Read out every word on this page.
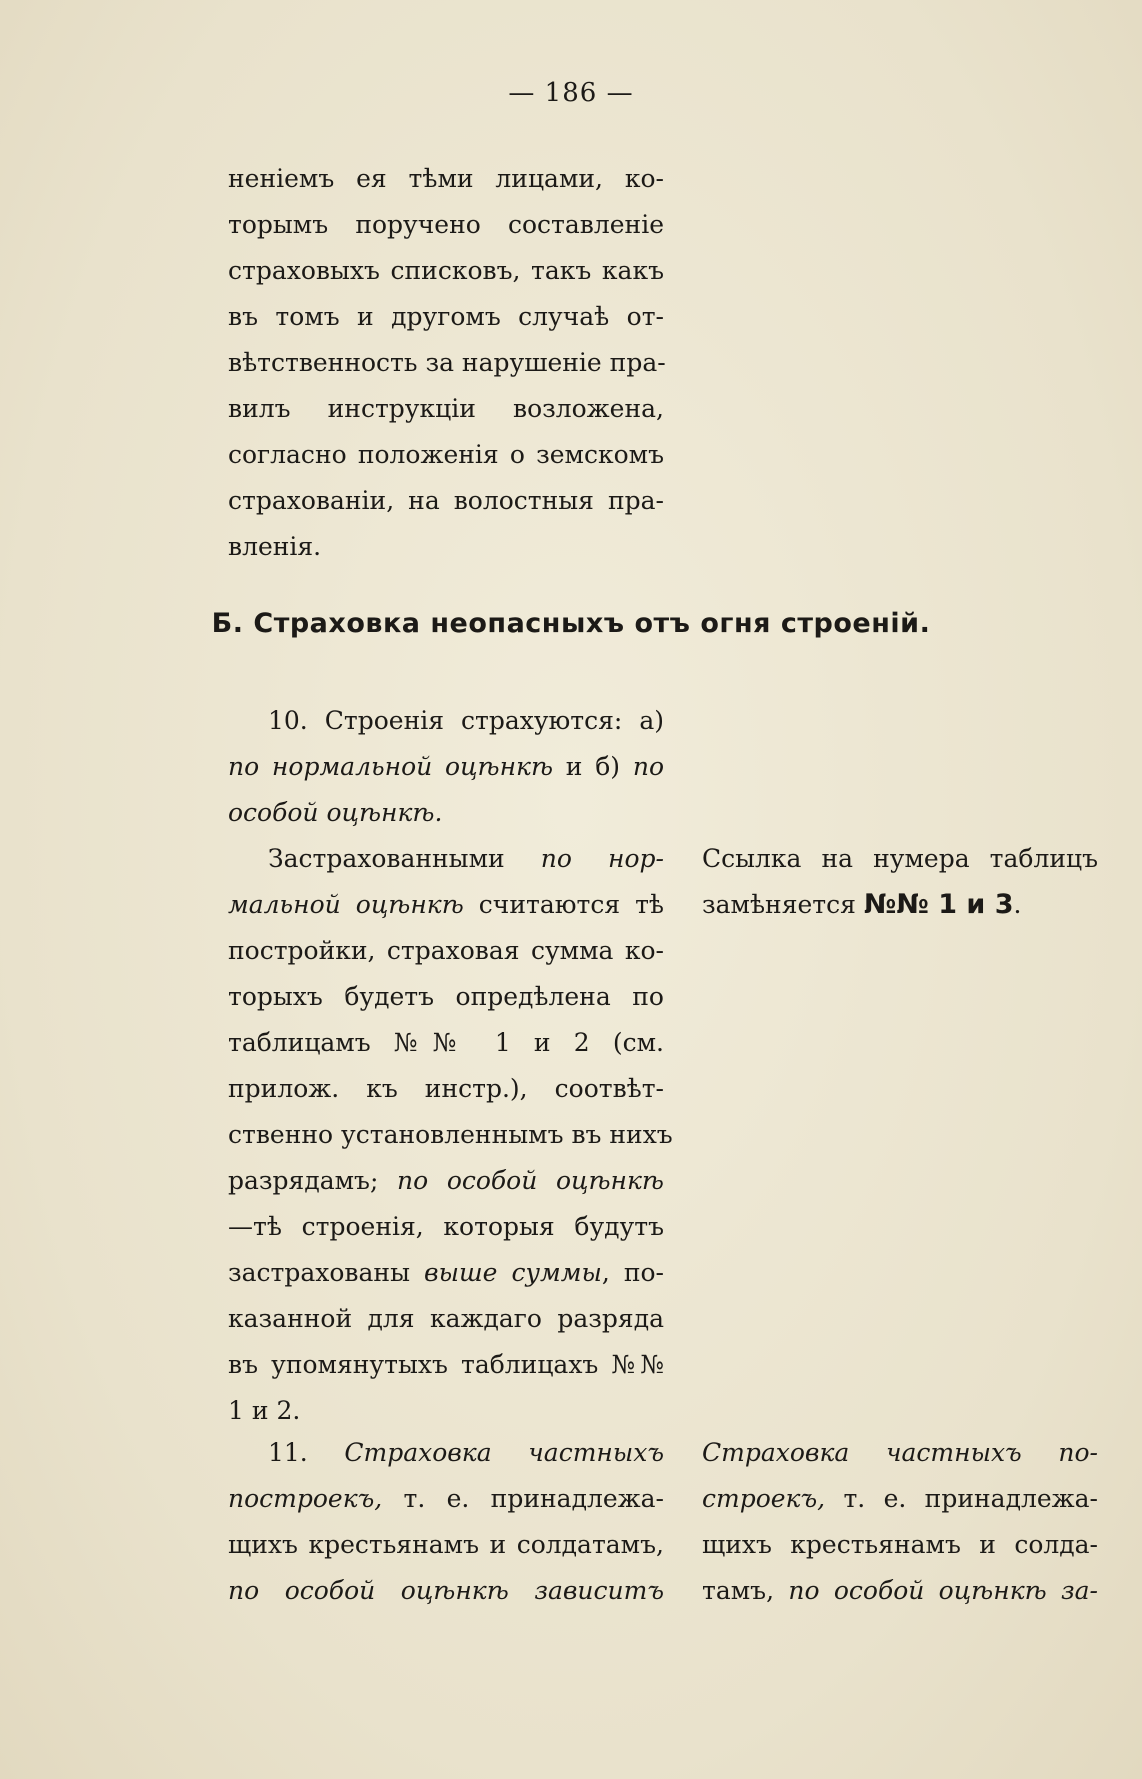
— 186 —
неніемъ ея тѣми лицами, ко-
торымъ поручено составленіе
страховыхъ списковъ, такъ какъ
въ томъ и другомъ случаѣ от-
вѣтственность за нарушеніе пра-
вилъ инструкціи возложена,
согласно положенія о земскомъ
страхованіи, на волостныя пра-
вленія.
Б. Страховка неопасныхъ отъ огня строеній.
10. Строенія страхуются: а)
по нормальной оцѣнкѣ и б) по
особой оцѣнкѣ.
Застрахованными по нор-
мальной оцѣнкѣ считаются тѣ
постройки, страховая сумма ко-
торыхъ будетъ опредѣлена по
таблицамъ №№ 1 и 2 (см.
прилож. къ инстр.), соотвѣт-
ственно установленнымъ въ нихъ
разрядамъ; по особой оцѣнкѣ
—тѣ строенія, которыя будутъ
застрахованы выше суммы, по-
казанной для каждаго разряда
въ упомянутыхъ таблицахъ №№
1 и 2.
11. Страховка частныхъ
построекъ, т. е. принадлежа-
щихъ крестьянамъ и солдатамъ,
по особой оцѣнкѣ зависитъ
Ссылка на нумера таблицъ
замѣняется №№ 1 и 3.
Страховка частныхъ по-
строекъ, т. е. принадлежа-
щихъ крестьянамъ и солда-
тамъ, по особой оцѣнкѣ за-
